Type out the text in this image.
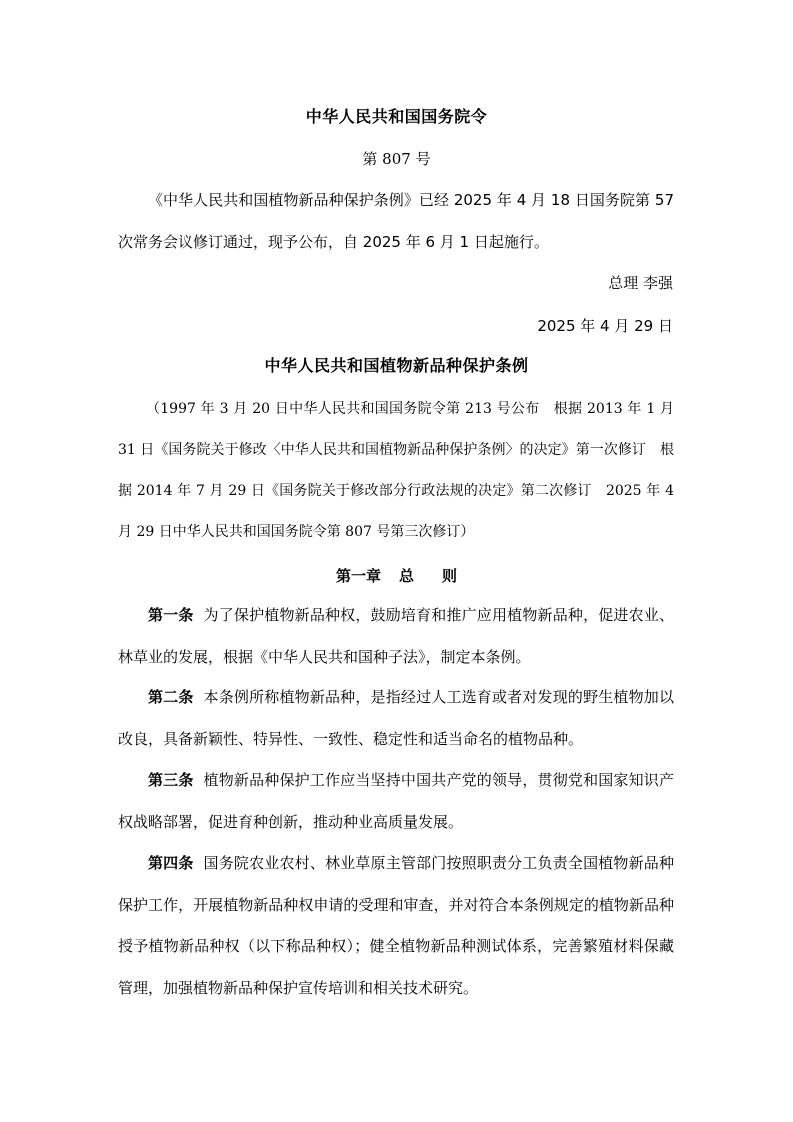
中华人民共和国国务院令
第 807 号

《中华人民共和国植物新品种保护条例》已经 2025 年 4 月 18 日国务院第 57 次常务会议修订通过，现予公布，自 2025 年 6 月 1 日起施行。

总理 李强
2025 年 4 月 29 日
中华人民共和国植物新品种保护条例

（1997 年 3 月 20 日中华人民共和国国务院令第 213 号公布　根据 2013 年 1 月 31 日《国务院关于修改〈中华人民共和国植物新品种保护条例〉的决定》第一次修订　根据 2014 年 7 月 29 日《国务院关于修改部分行政法规的决定》第二次修订　2025 年 4 月 29 日中华人民共和国国务院令第 807 号第三次修订）

第一章 总 则

第一条 为了保护植物新品种权，鼓励培育和推广应用植物新品种，促进农业、林草业的发展，根据《中华人民共和国种子法》，制定本条例。

第二条 本条例所称植物新品种，是指经过人工选育或者对发现的野生植物加以改良，具备新颖性、特异性、一致性、稳定性和适当命名的植物品种。

第三条 植物新品种保护工作应当坚持中国共产党的领导，贯彻党和国家知识产权战略部署，促进育种创新，推动种业高质量发展。

第四条 国务院农业农村、林业草原主管部门按照职责分工负责全国植物新品种保护工作，开展植物新品种权申请的受理和审查，并对符合本条例规定的植物新品种授予植物新品种权（以下称品种权）；健全植物新品种测试体系，完善繁殖材料保藏管理，加强植物新品种保护宣传培训和相关技术研究。
